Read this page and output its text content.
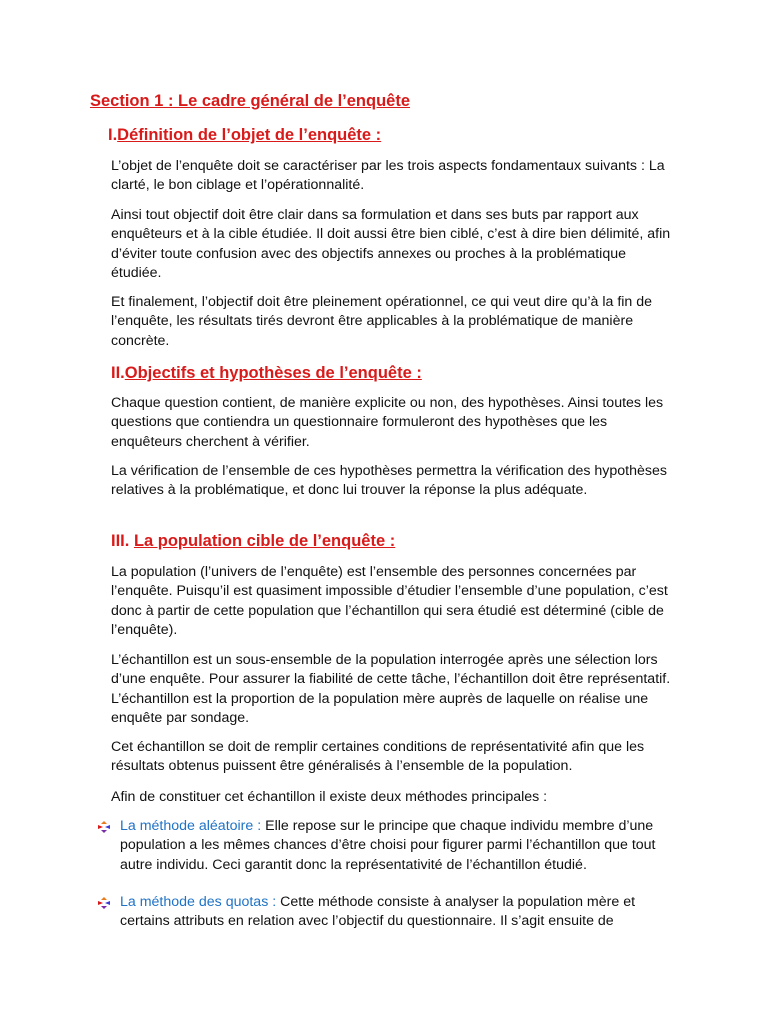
Section 1 : Le cadre général de l’enquête
I.Définition de l’objet de l’enquête :

L’objet de l’enquête doit se caractériser par les trois aspects fondamentaux suivants : La clarté, le bon ciblage et l’opérationnalité.

Ainsi tout objectif doit être clair dans sa formulation et dans ses buts par rapport aux enquêteurs et à la cible étudiée. Il doit aussi être bien ciblé, c’est à dire bien délimité, afin d’éviter toute confusion avec des objectifs annexes ou proches à la problématique étudiée.

Et finalement, l’objectif doit être pleinement opérationnel, ce qui veut dire qu’à la fin de l’enquête, les résultats tirés devront être applicables à la problématique de manière concrète.

II.Objectifs et hypothèses de l’enquête :

Chaque question contient, de manière explicite ou non, des hypothèses. Ainsi toutes les questions que contiendra un questionnaire formuleront des hypothèses que les enquêteurs cherchent à vérifier.

La vérification de l’ensemble de ces hypothèses permettra la vérification des hypothèses relatives à la problématique, et donc lui trouver la réponse la plus adéquate.

III. La population cible de l’enquête :

La population (l’univers de l’enquête) est l’ensemble des personnes concernées par l’enquête. Puisqu’il est quasiment impossible d’étudier l’ensemble d’une population, c’est donc à partir de cette population que l’échantillon qui sera étudié est déterminé (cible de l’enquête).

L’échantillon est un sous-ensemble de la population interrogée après une sélection lors d’une enquête. Pour assurer la fiabilité de cette tâche, l’échantillon doit être représentatif. L’échantillon est la proportion de la population mère auprès de laquelle on réalise une enquête par sondage.

Cet échantillon se doit de remplir certaines conditions de représentativité afin que les résultats obtenus puissent être généralisés à l’ensemble de la population.

Afin de constituer cet échantillon il existe deux méthodes principales :

La méthode aléatoire : Elle repose sur le principe que chaque individu membre d’une population a les mêmes chances d’être choisi pour figurer parmi l’échantillon que tout autre individu. Ceci garantit donc la représentativité de l’échantillon étudié.

La méthode des quotas : Cette méthode consiste à analyser la population mère et certains attributs en relation avec l’objectif du questionnaire. Il s’agit ensuite de
